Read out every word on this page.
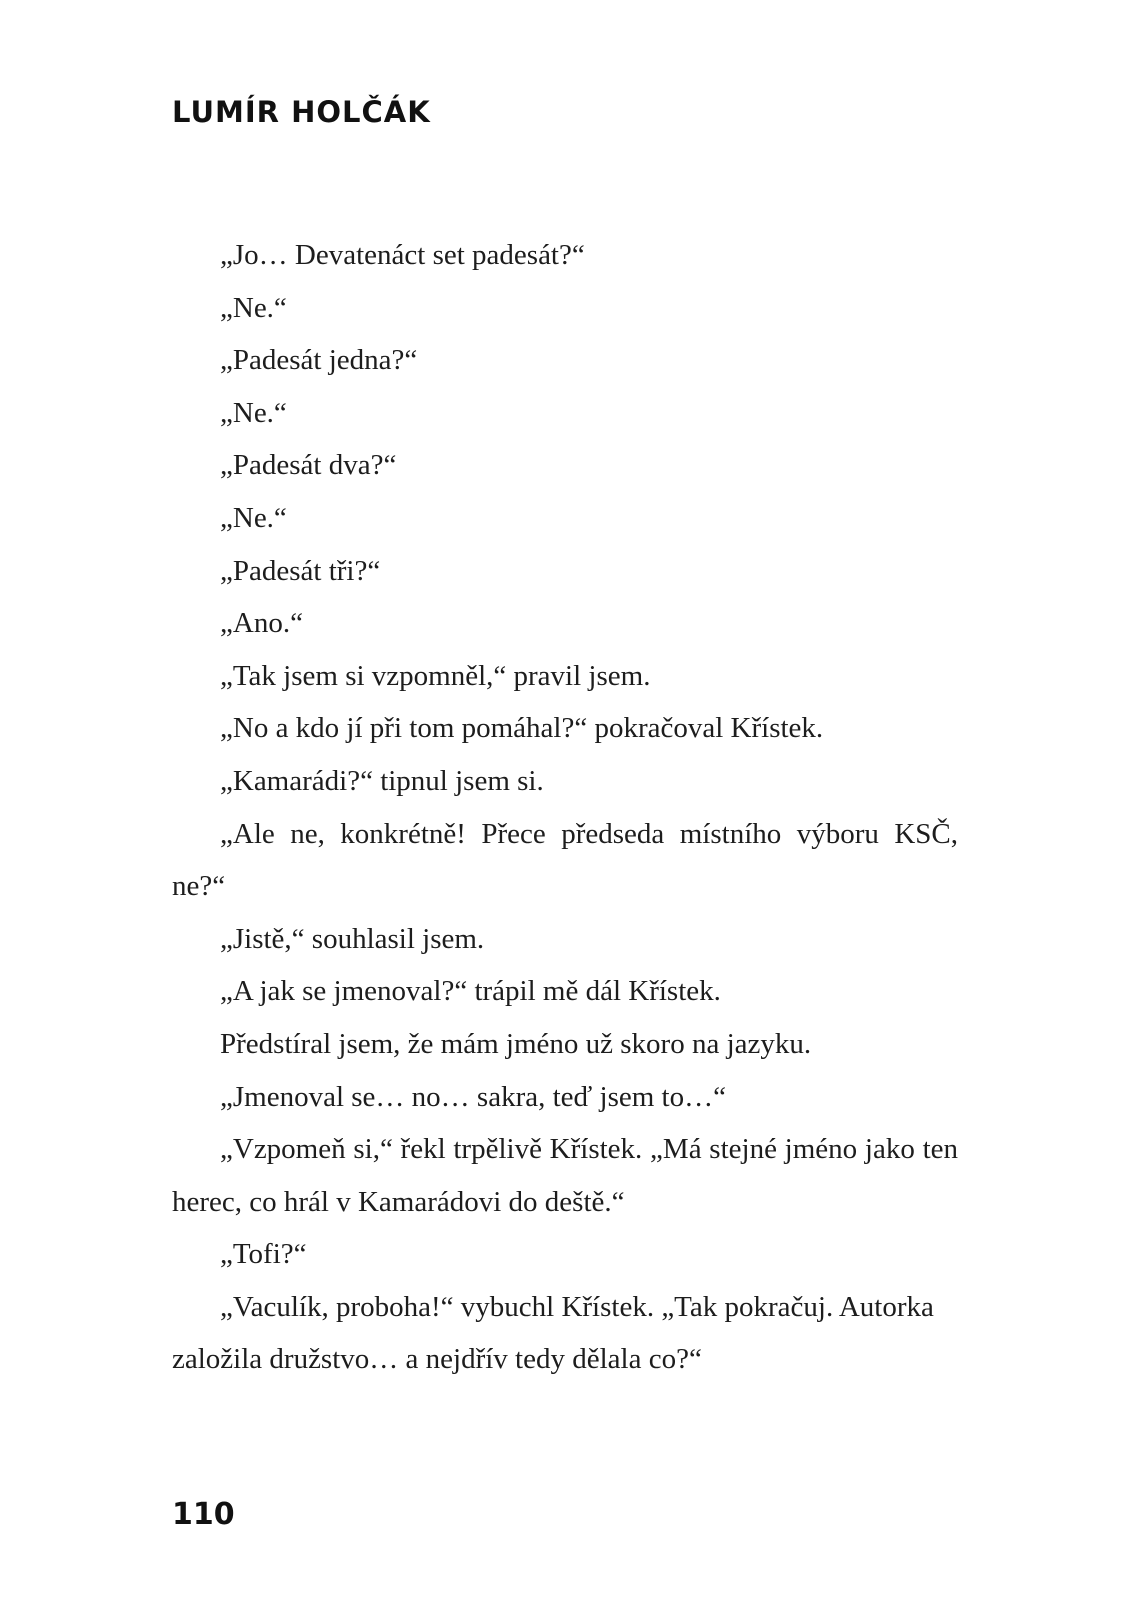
LUMÍR HOLČÁK

„Jo… Devatenáct set padesát?“

„Ne.“

„Padesát jedna?“

„Ne.“

„Padesát dva?“

„Ne.“

„Padesát tři?“

„Ano.“

„Tak jsem si vzpomněl,“ pravil jsem.

„No a kdo jí při tom pomáhal?“ pokračoval Křístek.

„Kamarádi?“ tipnul jsem si.

„Ale ne, konkrétně! Přece předseda místního výboru KSČ, ne?“

„Jistě,“ souhlasil jsem.

„A jak se jmenoval?“ trápil mě dál Křístek.

Předstíral jsem, že mám jméno už skoro na jazyku.

„Jmenoval se… no… sakra, teď jsem to…“

„Vzpomeň si,“ řekl trpělivě Křístek. „Má stejné jméno jako ten herec, co hrál v Kamarádovi do deště.“

„Tofi?“

„Vaculík, proboha!“ vybuchl Křístek. „Tak pokračuj. Autorka založila družstvo… a nejdřív tedy dělala co?“

110
